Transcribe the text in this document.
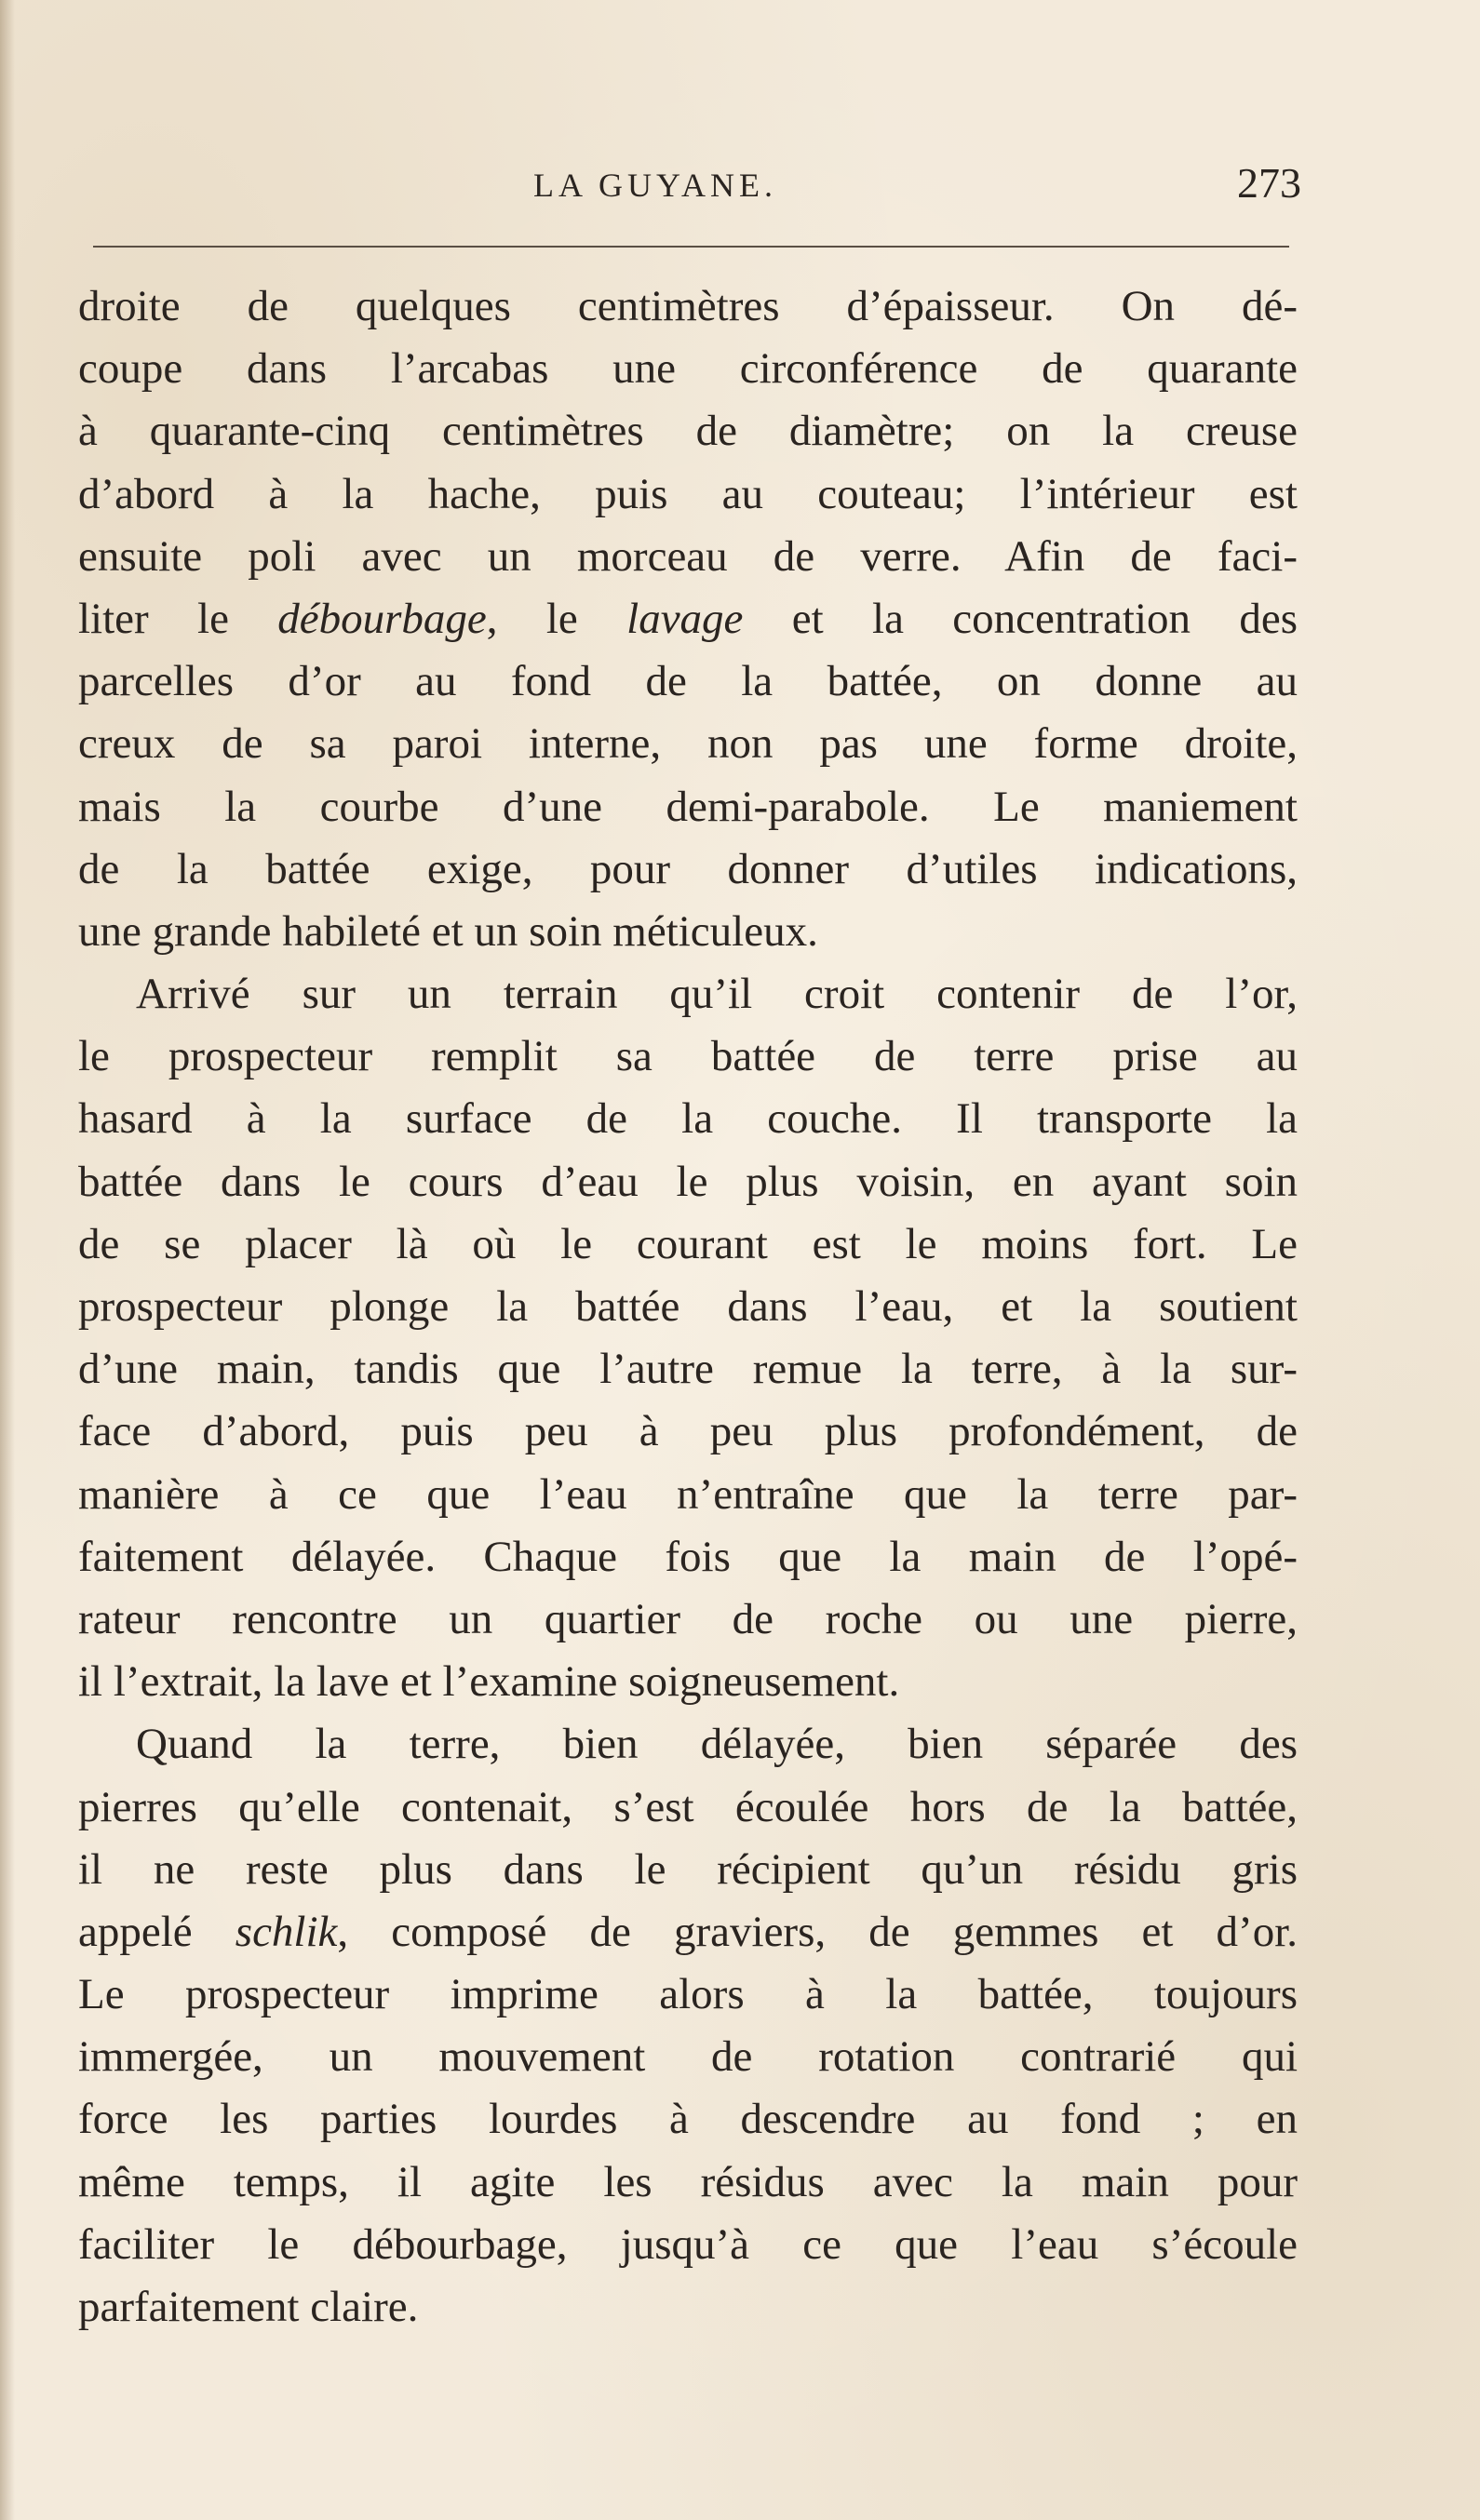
LA GUYANE.	273
droite de quelques centimètres d’épaisseur. On dé-
coupe dans l’arcabas une circonférence de quarante
à quarante-cinq centimètres de diamètre; on la creuse
d’abord à la hache, puis au couteau; l’intérieur est
ensuite poli avec un morceau de verre. Afin de faci-
liter le débourbage, le lavage et la concentration des
parcelles d’or au fond de la battée, on donne au
creux de sa paroi interne, non pas une forme droite,
mais la courbe d’une demi-parabole. Le maniement
de la battée exige, pour donner d’utiles indications,
une grande habileté et un soin méticuleux.
Arrivé sur un terrain qu’il croit contenir de l’or,
le prospecteur remplit sa battée de terre prise au
hasard à la surface de la couche. Il transporte la
battée dans le cours d’eau le plus voisin, en ayant soin
de se placer là où le courant est le moins fort. Le
prospecteur plonge la battée dans l’eau, et la soutient
d’une main, tandis que l’autre remue la terre, à la sur-
face d’abord, puis peu à peu plus profondément, de
manière à ce que l’eau n’entraîne que la terre par-
faitement délayée. Chaque fois que la main de l’opé-
rateur rencontre un quartier de roche ou une pierre,
il l’extrait, la lave et l’examine soigneusement.
Quand la terre, bien délayée, bien séparée des
pierres qu’elle contenait, s’est écoulée hors de la battée,
il ne reste plus dans le récipient qu’un résidu gris
appelé schlik, composé de graviers, de gemmes et d’or.
Le prospecteur imprime alors à la battée, toujours
immergée, un mouvement de rotation contrarié qui
force les parties lourdes à descendre au fond ; en
même temps, il agite les résidus avec la main pour
faciliter le débourbage, jusqu’à ce que l’eau s’écoule
parfaitement claire.
